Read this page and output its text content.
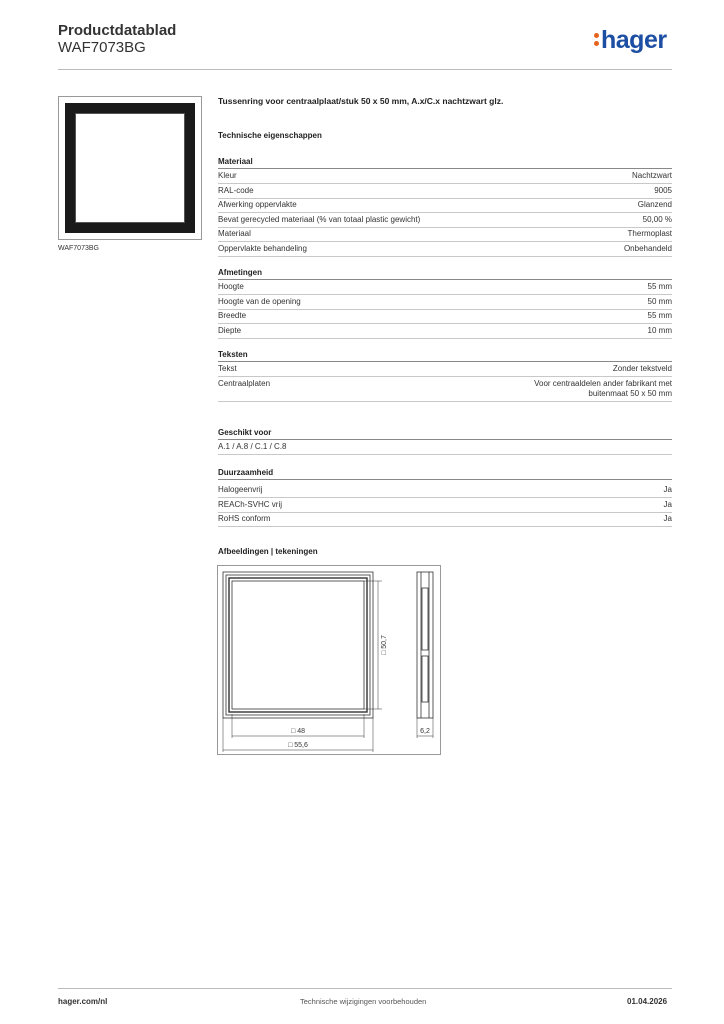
Productdatablad
WAF7073BG	hager
WAF7073BG
Tussenring voor centraalplaat/stuk 50 x 50 mm, A.x/C.x nachtzwart glz.
Technische eigenschappen
Materiaal
Kleur	Nachtzwart
RAL-code	9005
Afwerking oppervlakte	Glanzend
Bevat gerecycled materiaal (% van totaal plastic gewicht)	50,00 %
Materiaal	Thermoplast
Oppervlakte behandeling	Onbehandeld
Afmetingen
Hoogte	55 mm
Hoogte van de opening	50 mm
Breedte	55 mm
Diepte	10 mm
Teksten
Tekst	Zonder tekstveld
Centraalplaten	Voor centraaldelen ander fabrikant met
buitenmaat 50 x 50 mm
Geschikt voor
A.1 / A.8 / C.1 / C.8
Duurzaamheid
Halogeenvrij	Ja
REACh-SVHC vrij	Ja
RoHS conform	Ja
Afbeeldingen | tekeningen
□ 48
□ 55,6
□ 50,7
6,2
hager.com/nl	Technische wijzigingen voorbehouden	01.04.2026
